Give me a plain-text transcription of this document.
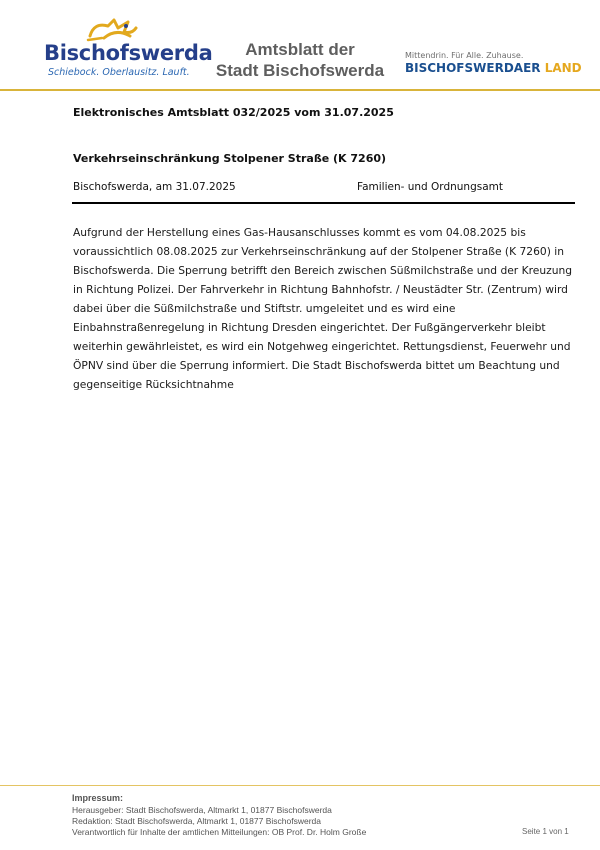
Bischofswerda
Schiebock. Oberlausitz. Lauft.
Amtsblatt der
Stadt Bischofswerda
Mittendrin. Für Alle. Zuhause.
BISCHOFSWERDAER LAND
Elektronisches Amtsblatt 032/2025 vom 31.07.2025
Verkehrseinschränkung Stolpener Straße (K 7260)
Bischofswerda, am 31.07.2025	Familien- und Ordnungsamt

Aufgrund der Herstellung eines Gas-Hausanschlusses kommt es vom 04.08.2025 bis voraussichtlich 08.08.2025 zur Verkehrseinschränkung auf der Stolpener Straße (K 7260) in Bischofswerda. Die Sperrung betrifft den Bereich zwischen Süßmilchstraße und der Kreuzung in Richtung Polizei. Der Fahrverkehr in Richtung Bahnhofstr. / Neustädter Str. (Zentrum) wird dabei über die Süßmilchstraße und Stiftstr. umgeleitet und es wird eine Einbahnstraßenregelung in Richtung Dresden eingerichtet. Der Fußgängerverkehr bleibt weiterhin gewährleistet, es wird ein Notgehweg eingerichtet. Rettungsdienst, Feuerwehr und ÖPNV sind über die Sperrung informiert. Die Stadt Bischofswerda bittet um Beachtung und gegenseitige Rücksichtnahme

Impressum:
Herausgeber: Stadt Bischofswerda, Altmarkt 1, 01877 Bischofswerda
Redaktion: Stadt Bischofswerda, Altmarkt 1, 01877 Bischofswerda
Verantwortlich für Inhalte der amtlichen Mitteilungen: OB Prof. Dr. Holm Große	Seite 1 von 1
